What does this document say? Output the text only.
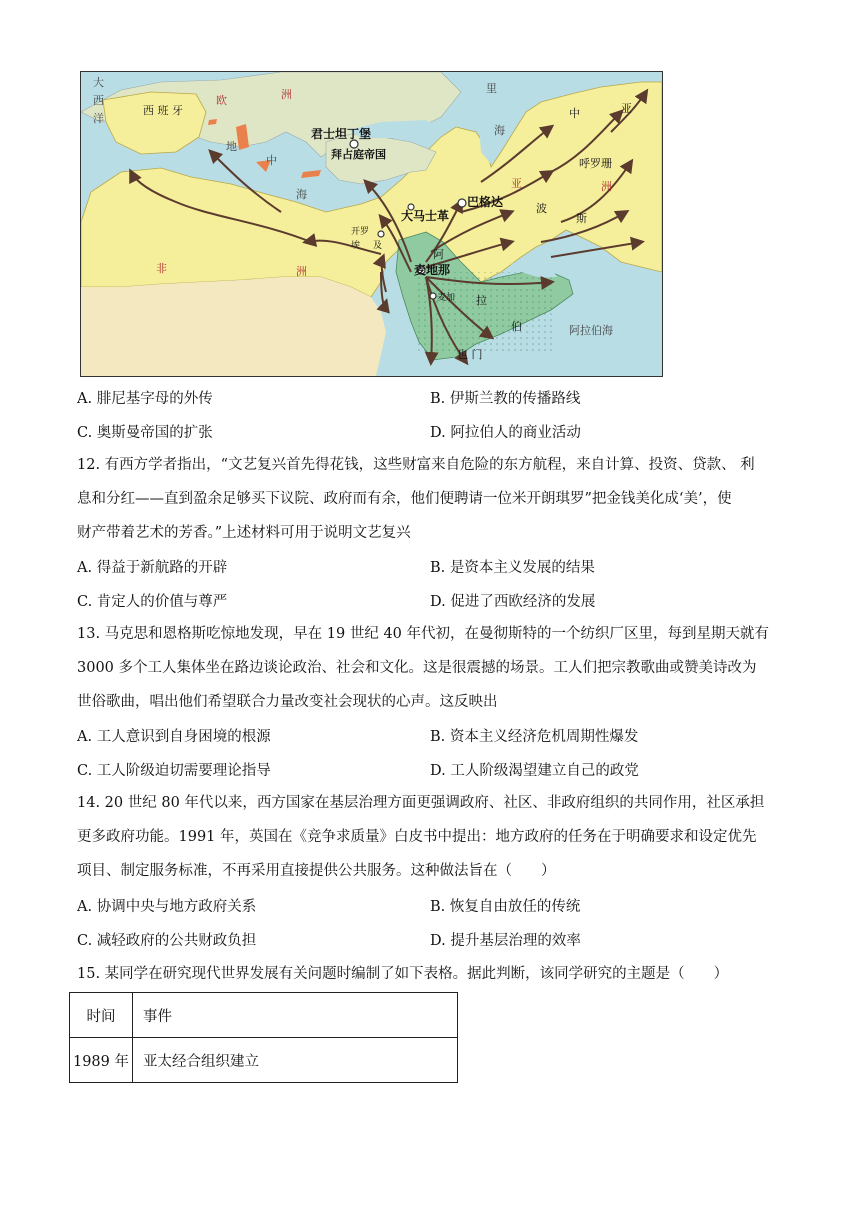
大
西
洋
西 班 牙
欧	洲
地
中
海
君士坦丁堡
拜占庭帝国
大马士革
巴格达
开罗
埃 及
非	洲	麦地那
麦加
阿
拉
伯
也 门
阿拉伯海
波
斯
中	亚
呼罗珊
亚	洲
里
海
A. 腓尼基字母的外传	B. 伊斯兰教的传播路线
C. 奥斯曼帝国的扩张	D. 阿拉伯人的商业活动

12. 有西方学者指出，“文艺复兴首先得花钱，这些财富来自危险的东方航程，来自计算、投资、贷款、 利

息和分红——直到盈余足够买下议院、政府而有余，他们便聘请一位米开朗琪罗”把金钱美化成‘美’，使

财产带着艺术的芳香。”上述材料可用于说明文艺复兴

A. 得益于新航路的开辟	B. 是资本主义发展的结果
C. 肯定人的价值与尊严	D. 促进了西欧经济的发展

13. 马克思和恩格斯吃惊地发现，早在 19 世纪 40 年代初，在曼彻斯特的一个纺织厂区里，每到星期天就有

3000 多个工人集体坐在路边谈论政治、社会和文化。这是很震撼的场景。工人们把宗教歌曲或赞美诗改为

世俗歌曲，唱出他们希望联合力量改变社会现状的心声。这反映出

A. 工人意识到自身困境的根源	B. 资本主义经济危机周期性爆发
C. 工人阶级迫切需要理论指导	D. 工人阶级渴望建立自己的政党

14. 20 世纪 80 年代以来，西方国家在基层治理方面更强调政府、社区、非政府组织的共同作用，社区承担

更多政府功能。1991 年，英国在《竞争求质量》白皮书中提出：地方政府的任务在于明确要求和设定优先

项目、制定服务标准，不再采用直接提供公共服务。这种做法旨在（　　）

A. 协调中央与地方政府关系	B. 恢复自由放任的传统
C. 减轻政府的公共财政负担	D. 提升基层治理的效率
15. 某同学在研究现代世界发展有关问题时编制了如下表格。据此判断，该同学研究的主题是（　　）
时间	事件
1989 年	亚太经合组织建立
